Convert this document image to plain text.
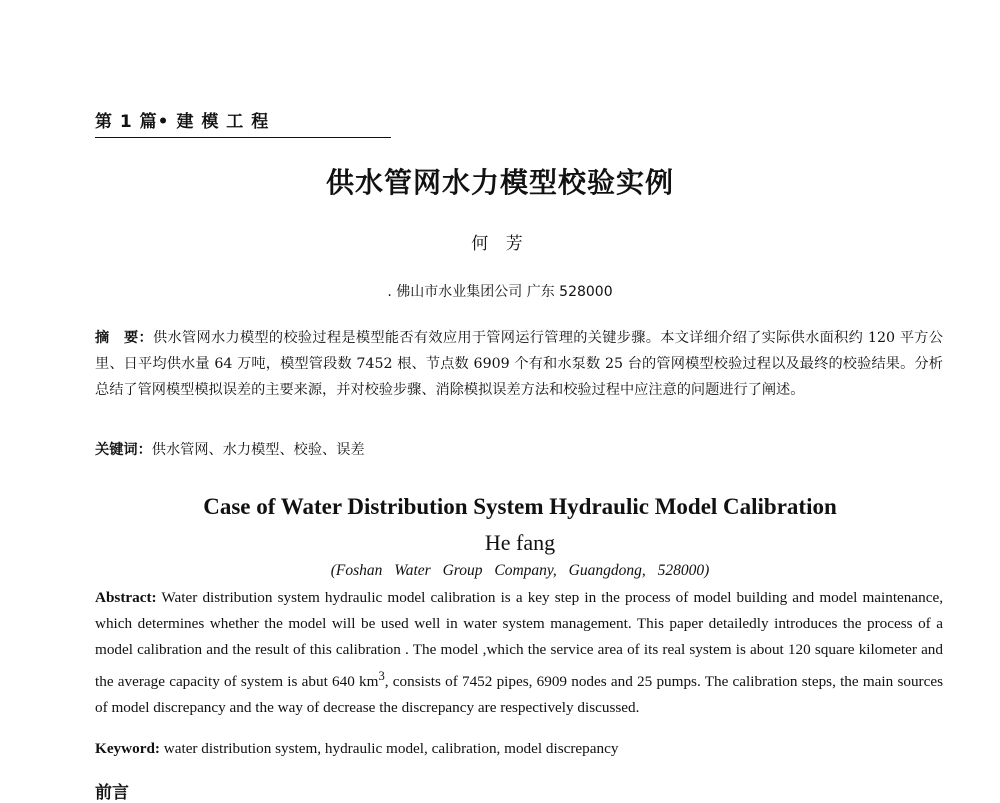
第 1 篇• 建 模 工 程
供水管网水力模型校验实例
何 芳
. 佛山市水业集团公司 广东 528000
摘　要：供水管网水力模型的校验过程是模型能否有效应用于管网运行管理的关键步骤。本文详细介绍了实际供水面积约 120 平方公里、日平均供水量 64 万吨，模型管段数 7452 根、节点数 6909 个有和水泵数 25 台的管网模型校验过程以及最终的校验结果。分析总结了管网模型模拟误差的主要来源，并对校验步骤、消除模拟误差方法和校验过程中应注意的问题进行了阐述。
关键词：供水管网、水力模型、校验、误差
Case of Water Distribution System Hydraulic Model Calibration
He fang
(Foshan Water Group Company, Guangdong, 528000)
Abstract: Water distribution system hydraulic model calibration is a key step in the process of model building and model maintenance, which determines whether the model will be used well in water system management. This paper detailedly introduces the process of a model calibration and the result of this calibration . The model ,which the service area of its real system is about 120 square kilometer and the average capacity of system is abut 640 $km^3$, consists of 7452 pipes, 6909 nodes and 25 pumps. The calibration steps, the main sources of model discrepancy and the way of decrease the discrepancy are respectively discussed.
Keyword: water distribution system, hydraulic model, calibration, model discrepancy
前言
